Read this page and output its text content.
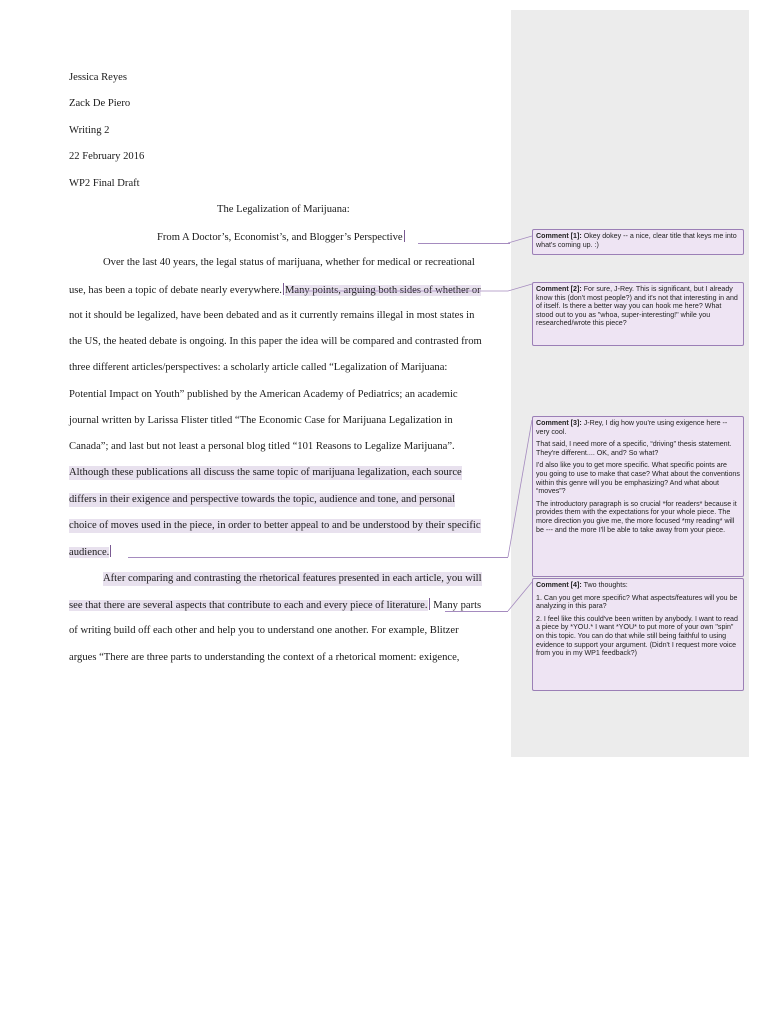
Jessica Reyes
Zack De Piero
Writing 2
22 February 2016
WP2 Final Draft
The Legalization of Marijuana:
From A Doctor’s, Economist’s, and Blogger’s Perspective
Over the last 40 years, the legal status of marijuana, whether for medical or recreational
use, has been a topic of debate nearly everywhere. Many points, arguing both sides of whether or
not it should be legalized, have been debated and as it currently remains illegal in most states in
the US, the heated debate is ongoing. In this paper the idea will be compared and contrasted from
three different articles/perspectives: a scholarly article called “Legalization of Marijuana:
Potential Impact on Youth” published by the American Academy of Pediatrics; an academic
journal written by Larissa Flister titled “The Economic Case for Marijuana Legalization in
Canada”; and last but not least a personal blog titled “101 Reasons to Legalize Marijuana”.
Although these publications all discuss the same topic of marijuana legalization, each source
differs in their exigence and perspective towards the topic, audience and tone, and personal
choice of moves used in the piece, in order to better appeal to and be understood by their specific
audience.
After comparing and contrasting the rhetorical features presented in each article, you will
see that there are several aspects that contribute to each and every piece of literature. Many parts
of writing build off each other and help you to understand one another. For example, Blitzer
argues “There are three parts to understanding the context of a rhetorical moment: exigence,

Comment [1]: Okey dokey -- a nice, clear title that keys me into what's coming up. :)

Comment [2]: For sure, J-Rey. This is significant, but I already know this (don't most people?) and it's not that interesting in and of itself. Is there a better way you can hook me here? What stood out to you as "whoa, super-interesting!" while you researched/wrote this piece?

Comment [3]: J-Rey, I dig how you're using exigence here -- very cool.

That said, I need more of a specific, “driving” thesis statement. They're different.... OK, and? So what?

I'd also like you to get more specific. What specific points are you going to use to make that case? What about the conventions within this genre will you be emphasizing? And what about “moves”?

The introductory paragraph is so crucial *for readers* because it provides them with the expectations for your whole piece. The more direction you give me, the more focused *my reading* will be --- and the more I'll be able to take away from your piece.

Comment [4]: Two thoughts:

1. Can you get more specific? What aspects/features will you be analyzing in this para?

2. I feel like this could've been written by anybody. I want to read a piece by *YOU.* I want *YOU* to put more of your own "spin" on this topic. You can do that while still being faithful to using evidence to support your argument. (Didn't I request more voice from you in my WP1 feedback?)
